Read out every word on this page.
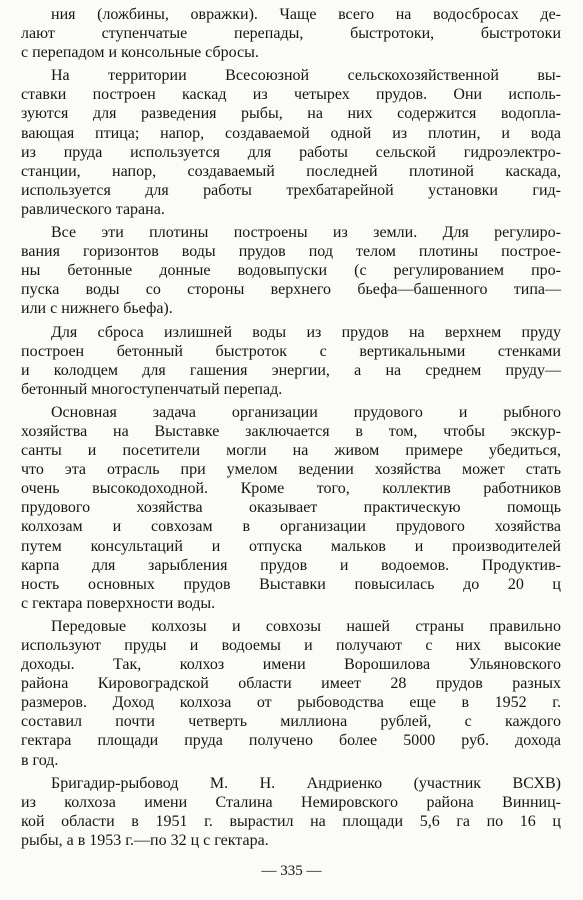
ния (ложбины, овражки). Чаще всего на водосбросах де-
лают ступенчатые перепады, быстротоки, быстротоки
с перепадом и консольные сбросы.
На территории Всесоюзной сельскохозяйственной вы-
ставки построен каскад из четырех прудов. Они исполь-
зуются для разведения рыбы, на них содержится водопла-
вающая птица; напор, создаваемой одной из плотин, и вода
из пруда используется для работы сельской гидроэлектро-
станции, напор, создаваемый последней плотиной каскада,
используется для работы трехбатарейной установки гид-
равлического тарана.
Все эти плотины построены из земли. Для регулиро-
вания горизонтов воды прудов под телом плотины построе-
ны бетонные донные водовыпуски (с регулированием про-
пуска воды со стороны верхнего бьефа—башенного типа—
или с нижнего бьефа).
Для сброса излишней воды из прудов на верхнем пруду
построен бетонный быстроток с вертикальными стенками
и колодцем для гашения энергии, а на среднем пруду—
бетонный многоступенчатый перепад.
Основная задача организации прудового и рыбного
хозяйства на Выставке заключается в том, чтобы экскур-
санты и посетители могли на живом примере убедиться,
что эта отрасль при умелом ведении хозяйства может стать
очень высокодоходной. Кроме того, коллектив работников
прудового хозяйства оказывает практическую помощь
колхозам и совхозам в организации прудового хозяйства
путем консультаций и отпуска мальков и производителей
карпа для зарыбления прудов и водоемов. Продуктив-
ность основных прудов Выставки повысилась до 20 ц
с гектара поверхности воды.
Передовые колхозы и совхозы нашей страны правильно
используют пруды и водоемы и получают с них высокие
доходы. Так, колхоз имени Ворошилова Ульяновского
района Кировоградской области имеет 28 прудов разных
размеров. Доход колхоза от рыбоводства еще в 1952 г.
составил почти четверть миллиона рублей, с каждого
гектара площади пруда получено более 5000 руб. дохода
в год.
Бригадир-рыбовод М. Н. Андриенко (участник ВСХВ)
из колхоза имени Сталина Немировского района Винниц-
кой области в 1951 г. вырастил на площади 5,6 га по 16 ц
рыбы, а в 1953 г.—по 32 ц с гектара.
— 335 —
